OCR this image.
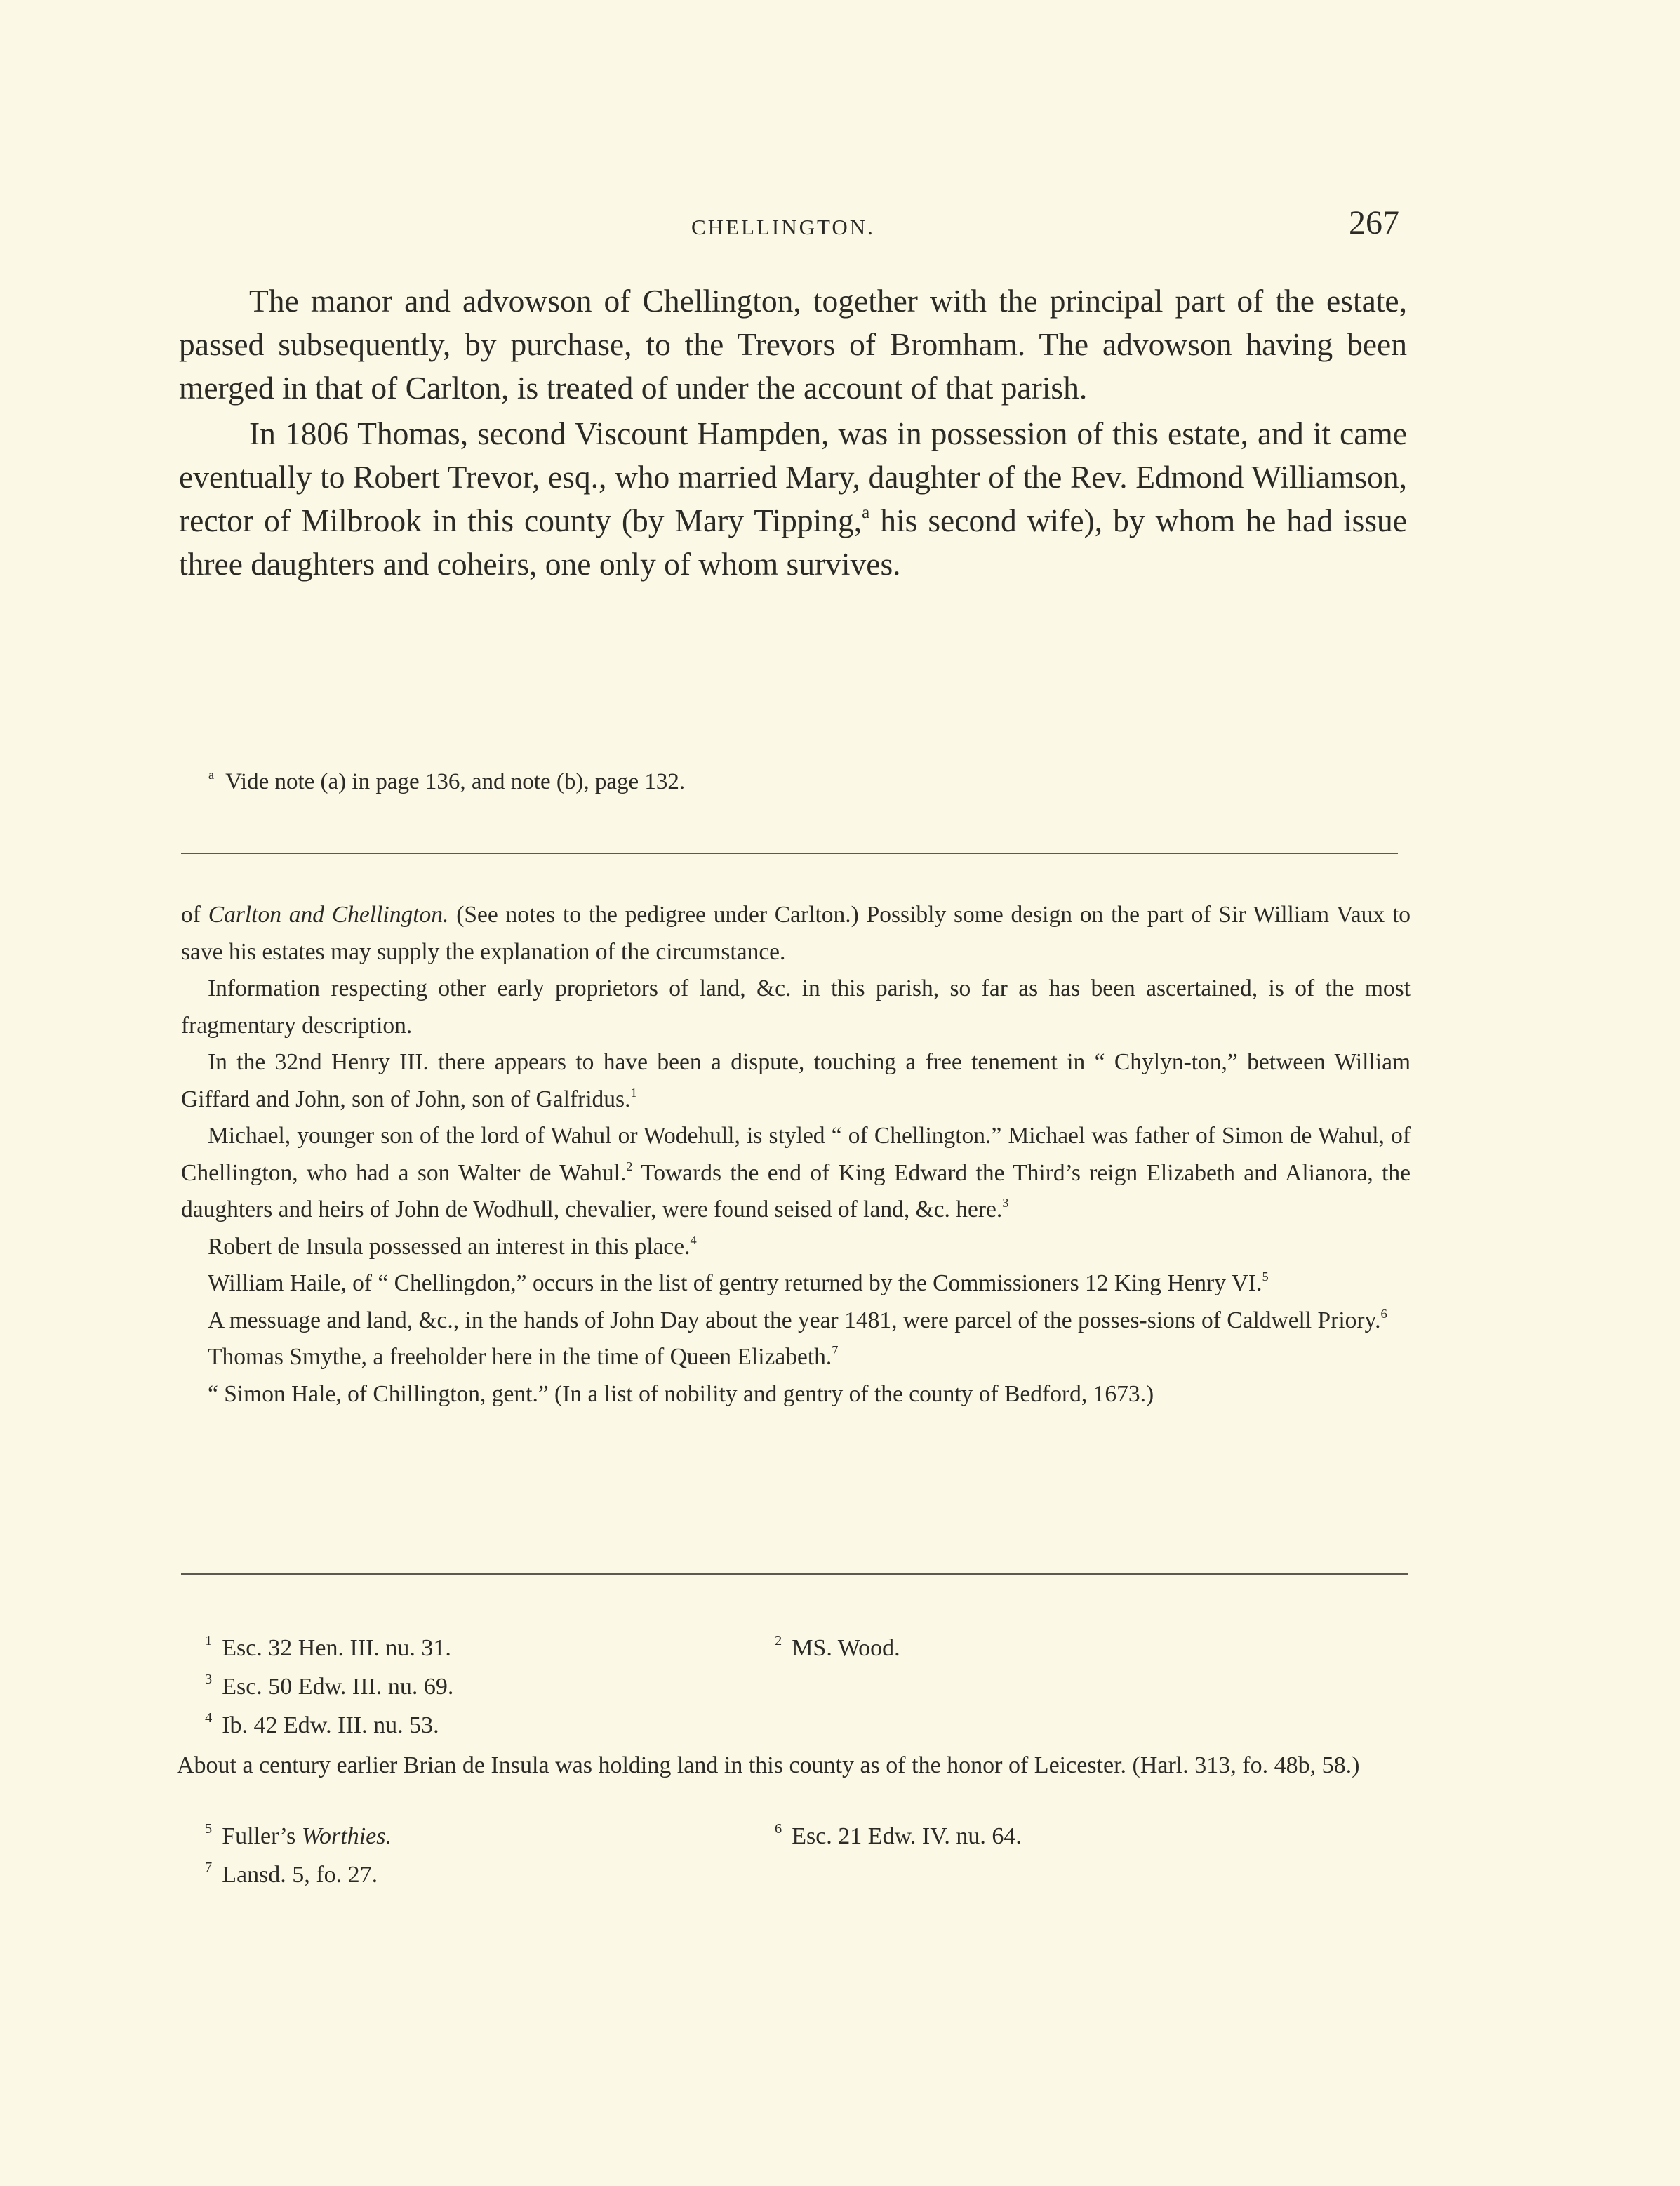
CHELLINGTON.	267

The manor and advowson of Chellington, together with the principal part of the estate, passed subsequently, by purchase, to the Trevors of Bromham. The advowson having been merged in that of Carlton, is treated of under the account of that parish.

In 1806 Thomas, second Viscount Hampden, was in possession of this estate, and it came eventually to Robert Trevor, esq., who married Mary, daughter of the Rev. Edmond Williamson, rector of Milbrook in this county (by Mary Tipping,$^a$ his second wife), by whom he had issue three daughters and coheirs, one only of whom survives.

$^a$ Vide note (a) in page 136, and note (b), page 132.

of Carlton and Chellington. (See notes to the pedigree under Carlton.) Possibly some design on the part of Sir William Vaux to save his estates may supply the explanation of the circumstance.

Information respecting other early proprietors of land, &c. in this parish, so far as has been ascertained, is of the most fragmentary description.

In the 32nd Henry III. there appears to have been a dispute, touching a free tenement in “ Chylyn-ton,” between William Giffard and John, son of John, son of Galfridus.$^1$

Michael, younger son of the lord of Wahul or Wodehull, is styled “ of Chellington.” Michael was father of Simon de Wahul, of Chellington, who had a son Walter de Wahul.$^2$ Towards the end of King Edward the Third’s reign Elizabeth and Alianora, the daughters and heirs of John de Wodhull, chevalier, were found seised of land, &c. here.$^3$

Robert de Insula possessed an interest in this place.$^4$

William Haile, of “ Chellingdon,” occurs in the list of gentry returned by the Commissioners 12 King Henry VI.$^5$

A messuage and land, &c., in the hands of John Day about the year 1481, were parcel of the posses-sions of Caldwell Priory.$^6$

Thomas Smythe, a freeholder here in the time of Queen Elizabeth.$^7$

“ Simon Hale, of Chillington, gent.” (In a list of nobility and gentry of the county of Bedford, 1673.)

$^1$ Esc. 32 Hen. III. nu. 31.	$^2$ MS. Wood.
$^3$ Esc. 50 Edw. III. nu. 69.
$^4$ Ib. 42 Edw. III. nu. 53.
About a century earlier Brian de Insula was holding land in this county as of the honor of Leicester. (Harl. 313, fo. 48b, 58.)
$^5$ Fuller’s Worthies.	$^6$ Esc. 21 Edw. IV. nu. 64.
$^7$ Lansd. 5, fo. 27.
